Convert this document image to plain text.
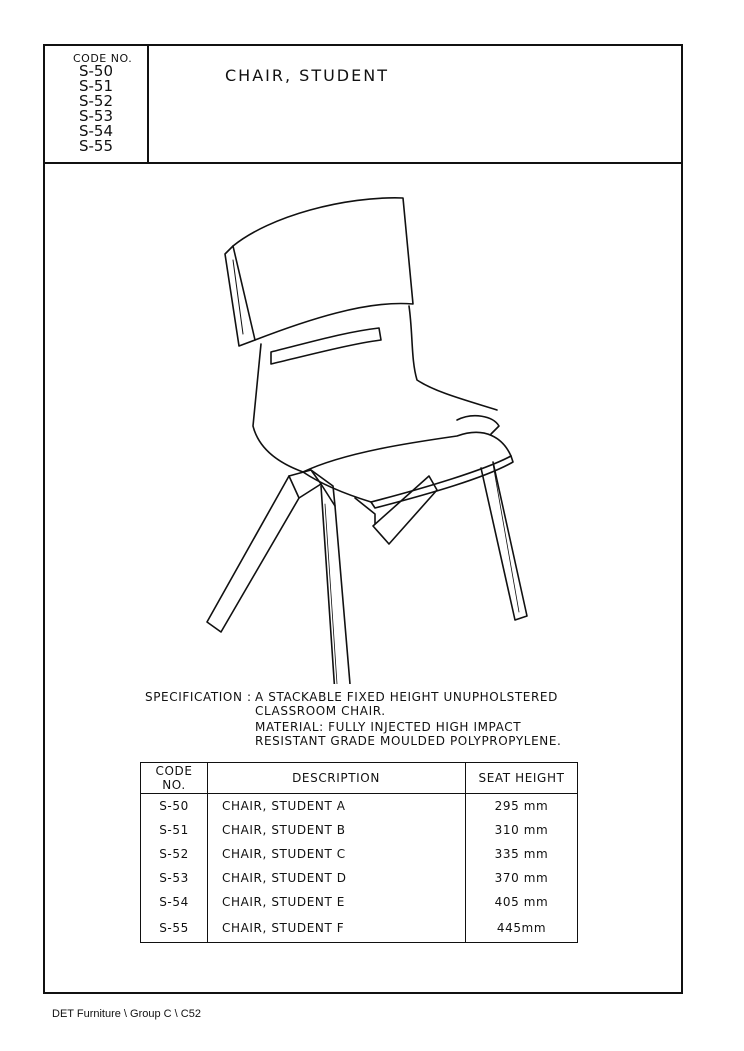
CODE NO.
S-50
S-51
S-52
S-53
S-54
S-55
CHAIR, STUDENT
SPECIFICATION : A STACKABLE FIXED HEIGHT UNUPHOLSTERED
CLASSROOM CHAIR.
MATERIAL: FULLY INJECTED HIGH IMPACT
RESISTANT GRADE MOULDED POLYPROPYLENE.
CODE NO.	DESCRIPTION	SEAT HEIGHT
S-50	CHAIR, STUDENT A	295 mm
S-51	CHAIR, STUDENT B	310 mm
S-52	CHAIR, STUDENT C	335 mm
S-53	CHAIR, STUDENT D	370 mm
S-54	CHAIR, STUDENT E	405 mm
S-55	CHAIR, STUDENT F	445mm
DET Furniture \ Group C \ C52
